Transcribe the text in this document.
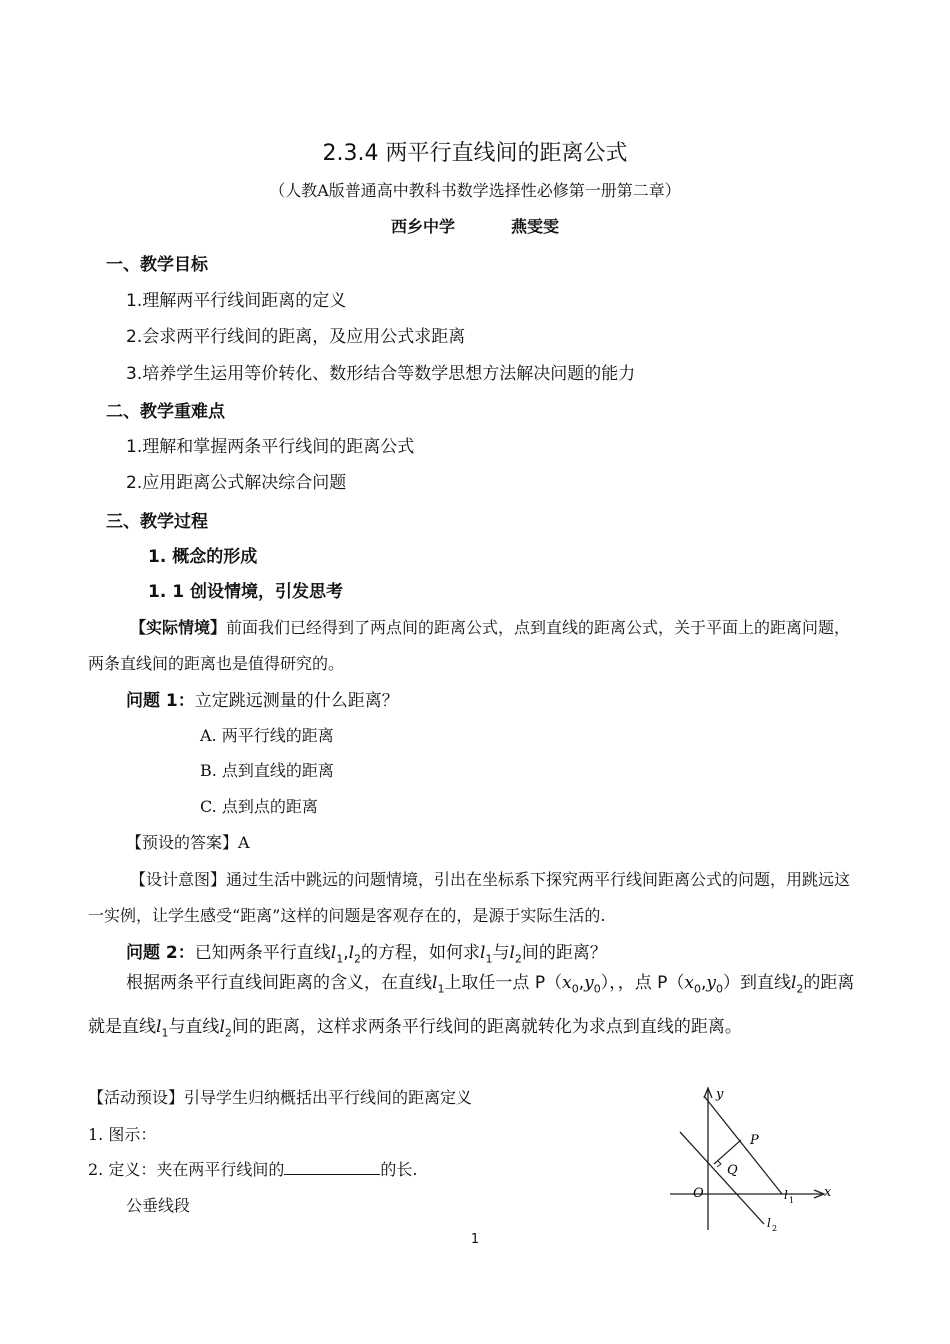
2.3.4 两平行直线间的距离公式
（人教A版普通高中教科书数学选择性必修第一册第二章）
西乡中学	燕雯雯
一、教学目标
1.理解两平行线间距离的定义
2.会求两平行线间的距离，及应用公式求距离
3.培养学生运用等价转化、数形结合等数学思想方法解决问题的能力
二、教学重难点
1.理解和掌握两条平行线间的距离公式
2.应用距离公式解决综合问题
三、教学过程
1. 概念的形成
1. 1 创设情境，引发思考
【实际情境】前面我们已经得到了两点间的距离公式，点到直线的距离公式，关于平面上的距离问题，两条直线间的距离也是值得研究的。
问题 1：立定跳远测量的什么距离？
A. 两平行线的距离
B. 点到直线的距离
C. 点到点的距离
【预设的答案】A
【设计意图】通过生活中跳远的问题情境，引出在坐标系下探究两平行线间距离公式的问题，用跳远这一实例，让学生感受“距离”这样的问题是客观存在的，是源于实际生活的.
问题 2：已知两条平行直线$l_1,l_2$的方程，如何求$l_1$与$l_2$间的距离？
根据两条平行直线间距离的含义，在直线$l_1$上取任一点 $P(x_0,y_0)$，，点 $P(x_0,y_0)$到直线$l_2$的距离就是直线$l_1$与直线$l_2$间的距离，这样求两条平行线间的距离就转化为求点到直线的距离。
【活动预设】引导学生归纳概括出平行线间的距离定义
1. 图示：
2. 定义：夹在两平行线间的	的长.
公垂线段
P
Q
O
y
x
l 1
l 2
1
